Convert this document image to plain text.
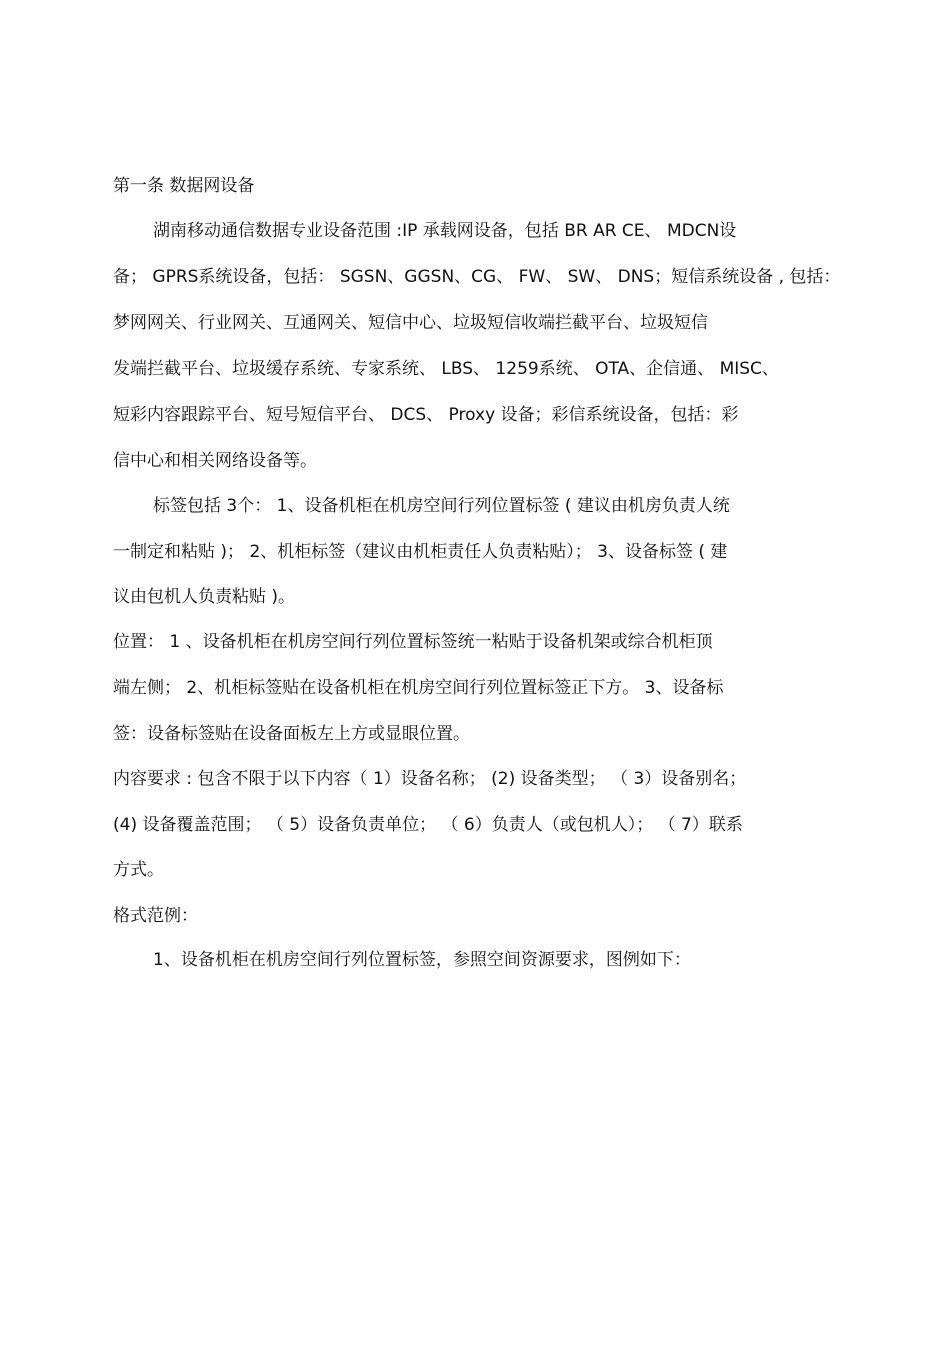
第一条 数据网设备
湖南移动通信数据专业设备范围 :IP 承载网设备，包括 BR AR CE、 MDCN设
备； GPRS系统设备，包括： SGSN、GGSN、CG、 FW、 SW、 DNS；短信系统设备 , 包括：
梦网网关、行业网关、互通网关、短信中心、垃圾短信收端拦截平台、垃圾短信
发端拦截平台、垃圾缓存系统、专家系统、 LBS、 1259系统、 OTA、企信通、 MISC、
短彩内容跟踪平台、短号短信平台、 DCS、 Proxy 设备；彩信系统设备，包括：彩
信中心和相关网络设备等。
标签包括 3个： 1、设备机柜在机房空间行列位置标签 ( 建议由机房负责人统
一制定和粘贴 )； 2、机柜标签（建议由机柜责任人负责粘贴）； 3、设备标签 ( 建
议由包机人负责粘贴 )。
位置： 1 、设备机柜在机房空间行列位置标签统一粘贴于设备机架或综合机柜顶
端左侧； 2、机柜标签贴在设备机柜在机房空间行列位置标签正下方。 3、设备标
签：设备标签贴在设备面板左上方或显眼位置。
内容要求 : 包含不限于以下内容（ 1）设备名称； (2) 设备类型； （ 3）设备别名；
(4) 设备覆盖范围； （ 5）设备负责单位； （ 6）负责人（或包机人）； （ 7）联系
方式。
格式范例：
1、设备机柜在机房空间行列位置标签，参照空间资源要求，图例如下：
